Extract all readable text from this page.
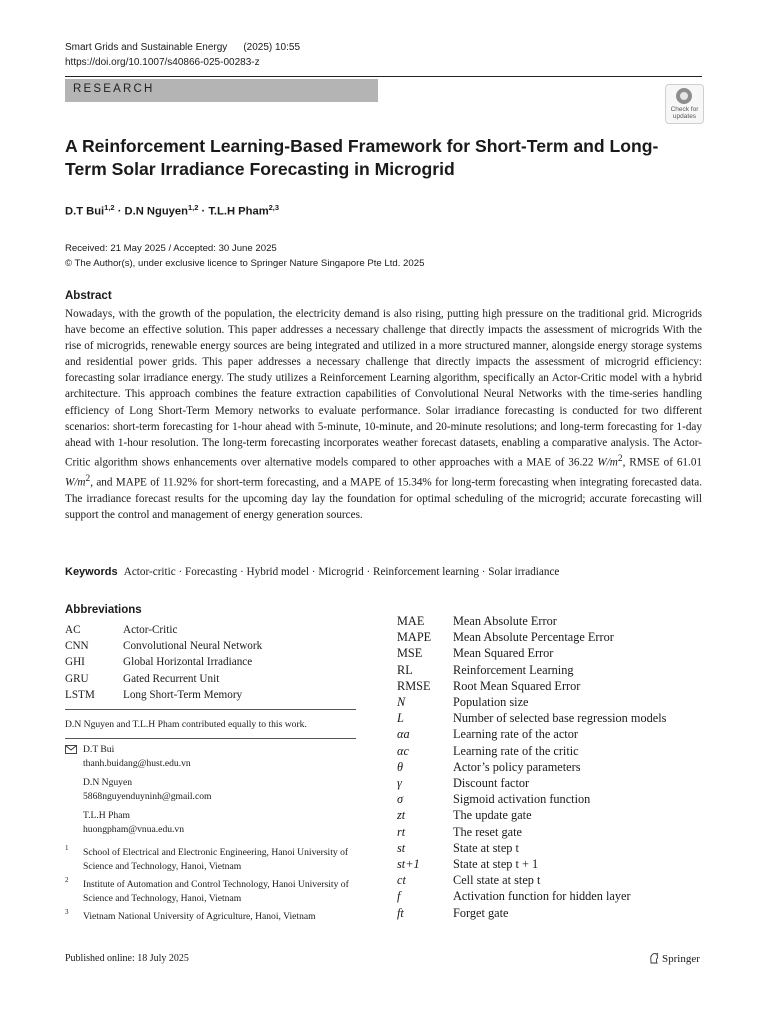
Smart Grids and Sustainable Energy (2025) 10:55
https://doi.org/10.1007/s40866-025-00283-z
RESEARCH
Check for updates
A Reinforcement Learning-Based Framework for Short-Term and Long-Term Solar Irradiance Forecasting in Microgrid
D.T Bui$^{1,2}$ · D.N Nguyen$^{1,2}$ · T.L.H Pham$^{2,3}$
Received: 21 May 2025 / Accepted: 30 June 2025
© The Author(s), under exclusive licence to Springer Nature Singapore Pte Ltd. 2025
Abstract

Nowadays, with the growth of the population, the electricity demand is also rising, putting high pressure on the traditional grid. Microgrids have become an effective solution. This paper addresses a necessary challenge that directly impacts the assessment of microgrids With the rise of microgrids, renewable energy sources are being integrated and utilized in a more structured manner, alongside energy storage systems and residential power grids. This paper addresses a necessary challenge that directly impacts the assessment of microgrid efficiency: forecasting solar irradiance energy. The study utilizes a Reinforcement Learning algorithm, specifically an Actor-Critic model with a hybrid architecture. This approach combines the feature extraction capabilities of Convolutional Neural Networks with the time-series handling efficiency of Long Short-Term Memory networks to evaluate performance. Solar irradiance forecasting is conducted for two different scenarios: short-term forecasting for 1-hour ahead with 5-minute, 10-minute, and 20-minute resolutions; and long-term forecasting for 1-day ahead with 1-hour resolution. The long-term forecasting incorporates weather forecast datasets, enabling a comparative analysis. The Actor-Critic algorithm shows enhancements over alternative models compared to other approaches with a MAE of 36.22 $W/m^2$, RMSE of 61.01 $W/m^2$, and MAPE of 11.92% for short-term forecasting, and a MAPE of 15.34% for long-term forecasting when integrating forecasted data. The irradiance forecast results for the upcoming day lay the foundation for optimal scheduling of the microgrid; accurate forecasting will support the control and management of energy generation sources.

Keywords Actor-critic · Forecasting · Hybrid model · Microgrid · Reinforcement learning · Solar irradiance
Abbreviations
AC	Actor-Critic
CNN	Convolutional Neural Network
GHI	Global Horizontal Irradiance
GRU	Gated Recurrent Unit
LSTM	Long Short-Term Memory
D.N Nguyen and T.L.H Pham contributed equally to this work.
D.T Bui
thanh.buidang@hust.edu.vn
D.N Nguyen
5868nguyenduyninh@gmail.com
T.L.H Pham
huongpham@vnua.edu.vn
1 School of Electrical and Electronic Engineering, Hanoi University of Science and Technology, Hanoi, Vietnam
2 Institute of Automation and Control Technology, Hanoi University of Science and Technology, Hanoi, Vietnam
3 Vietnam National University of Agriculture, Hanoi, Vietnam
MAE Mean Absolute Error
MAPE Mean Absolute Percentage Error
MSE Mean Squared Error
RL	Reinforcement Learning
RMSE Root Mean Squared Error
N	Population size
L	Number of selected base regression models
αa	Learning rate of the actor
αc	Learning rate of the critic
θ	Actor’s policy parameters
γ	Discount factor
σ	Sigmoid activation function
zt	The update gate
rt	The reset gate
st	State at step t
st+1	State at step t + 1
ct	Cell state at step t
f	Activation function for hidden layer
ft	Forget gate
Published online: 18 July 2025	Springer
